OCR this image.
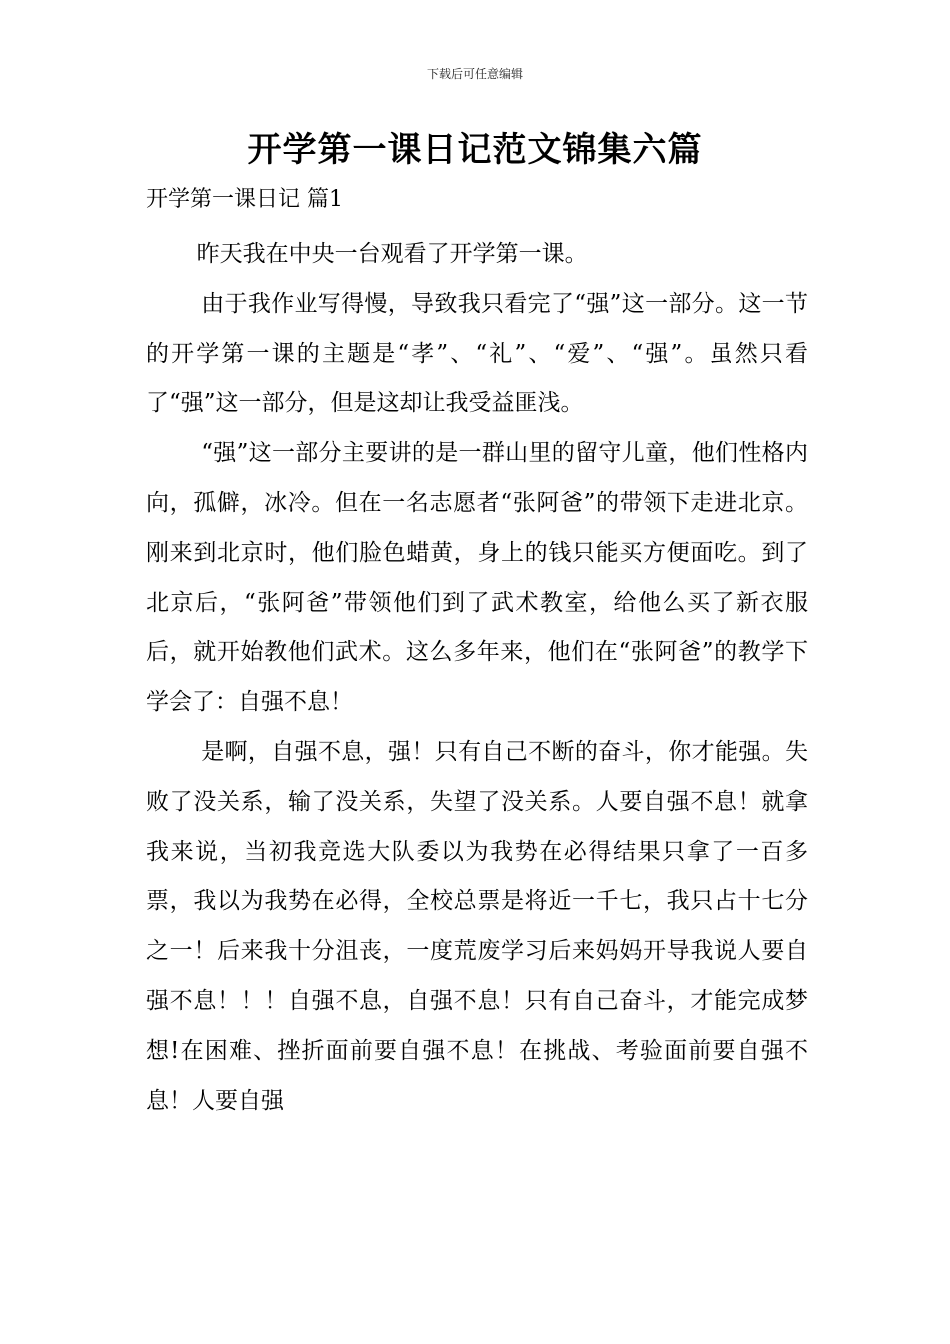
下载后可任意编辑
开学第一课日记范文锦集六篇
开学第一课日记 篇1

昨天我在中央一台观看了开学第一课。

由于我作业写得慢，导致我只看完了“强”这一部分。这一节的开学第一课的主题是“孝”、“礼”、“爱”、“强”。虽然只看了“强”这一部分，但是这却让我受益匪浅。

“强”这一部分主要讲的是一群山里的留守儿童，他们性格内向，孤僻，冰冷。但在一名志愿者“张阿爸”的带领下走进北京。刚来到北京时，他们脸色蜡黄，身上的钱只能买方便面吃。到了北京后，“张阿爸”带领他们到了武术教室，给他么买了新衣服后，就开始教他们武术。这么多年来，他们在“张阿爸”的教学下学会了：自强不息！

是啊，自强不息，强！只有自己不断的奋斗，你才能强。失败了没关系，输了没关系，失望了没关系。人要自强不息！就拿我来说，当初我竞选大队委以为我势在必得结果只拿了一百多票，我以为我势在必得，全校总票是将近一千七，我只占十七分之一！后来我十分沮丧，一度荒废学习后来妈妈开导我说人要自强不息！！！自强不息，自强不息！只有自己奋斗，才能完成梦想!在困难、挫折面前要自强不息！在挑战、考验面前要自强不息！人要自强
